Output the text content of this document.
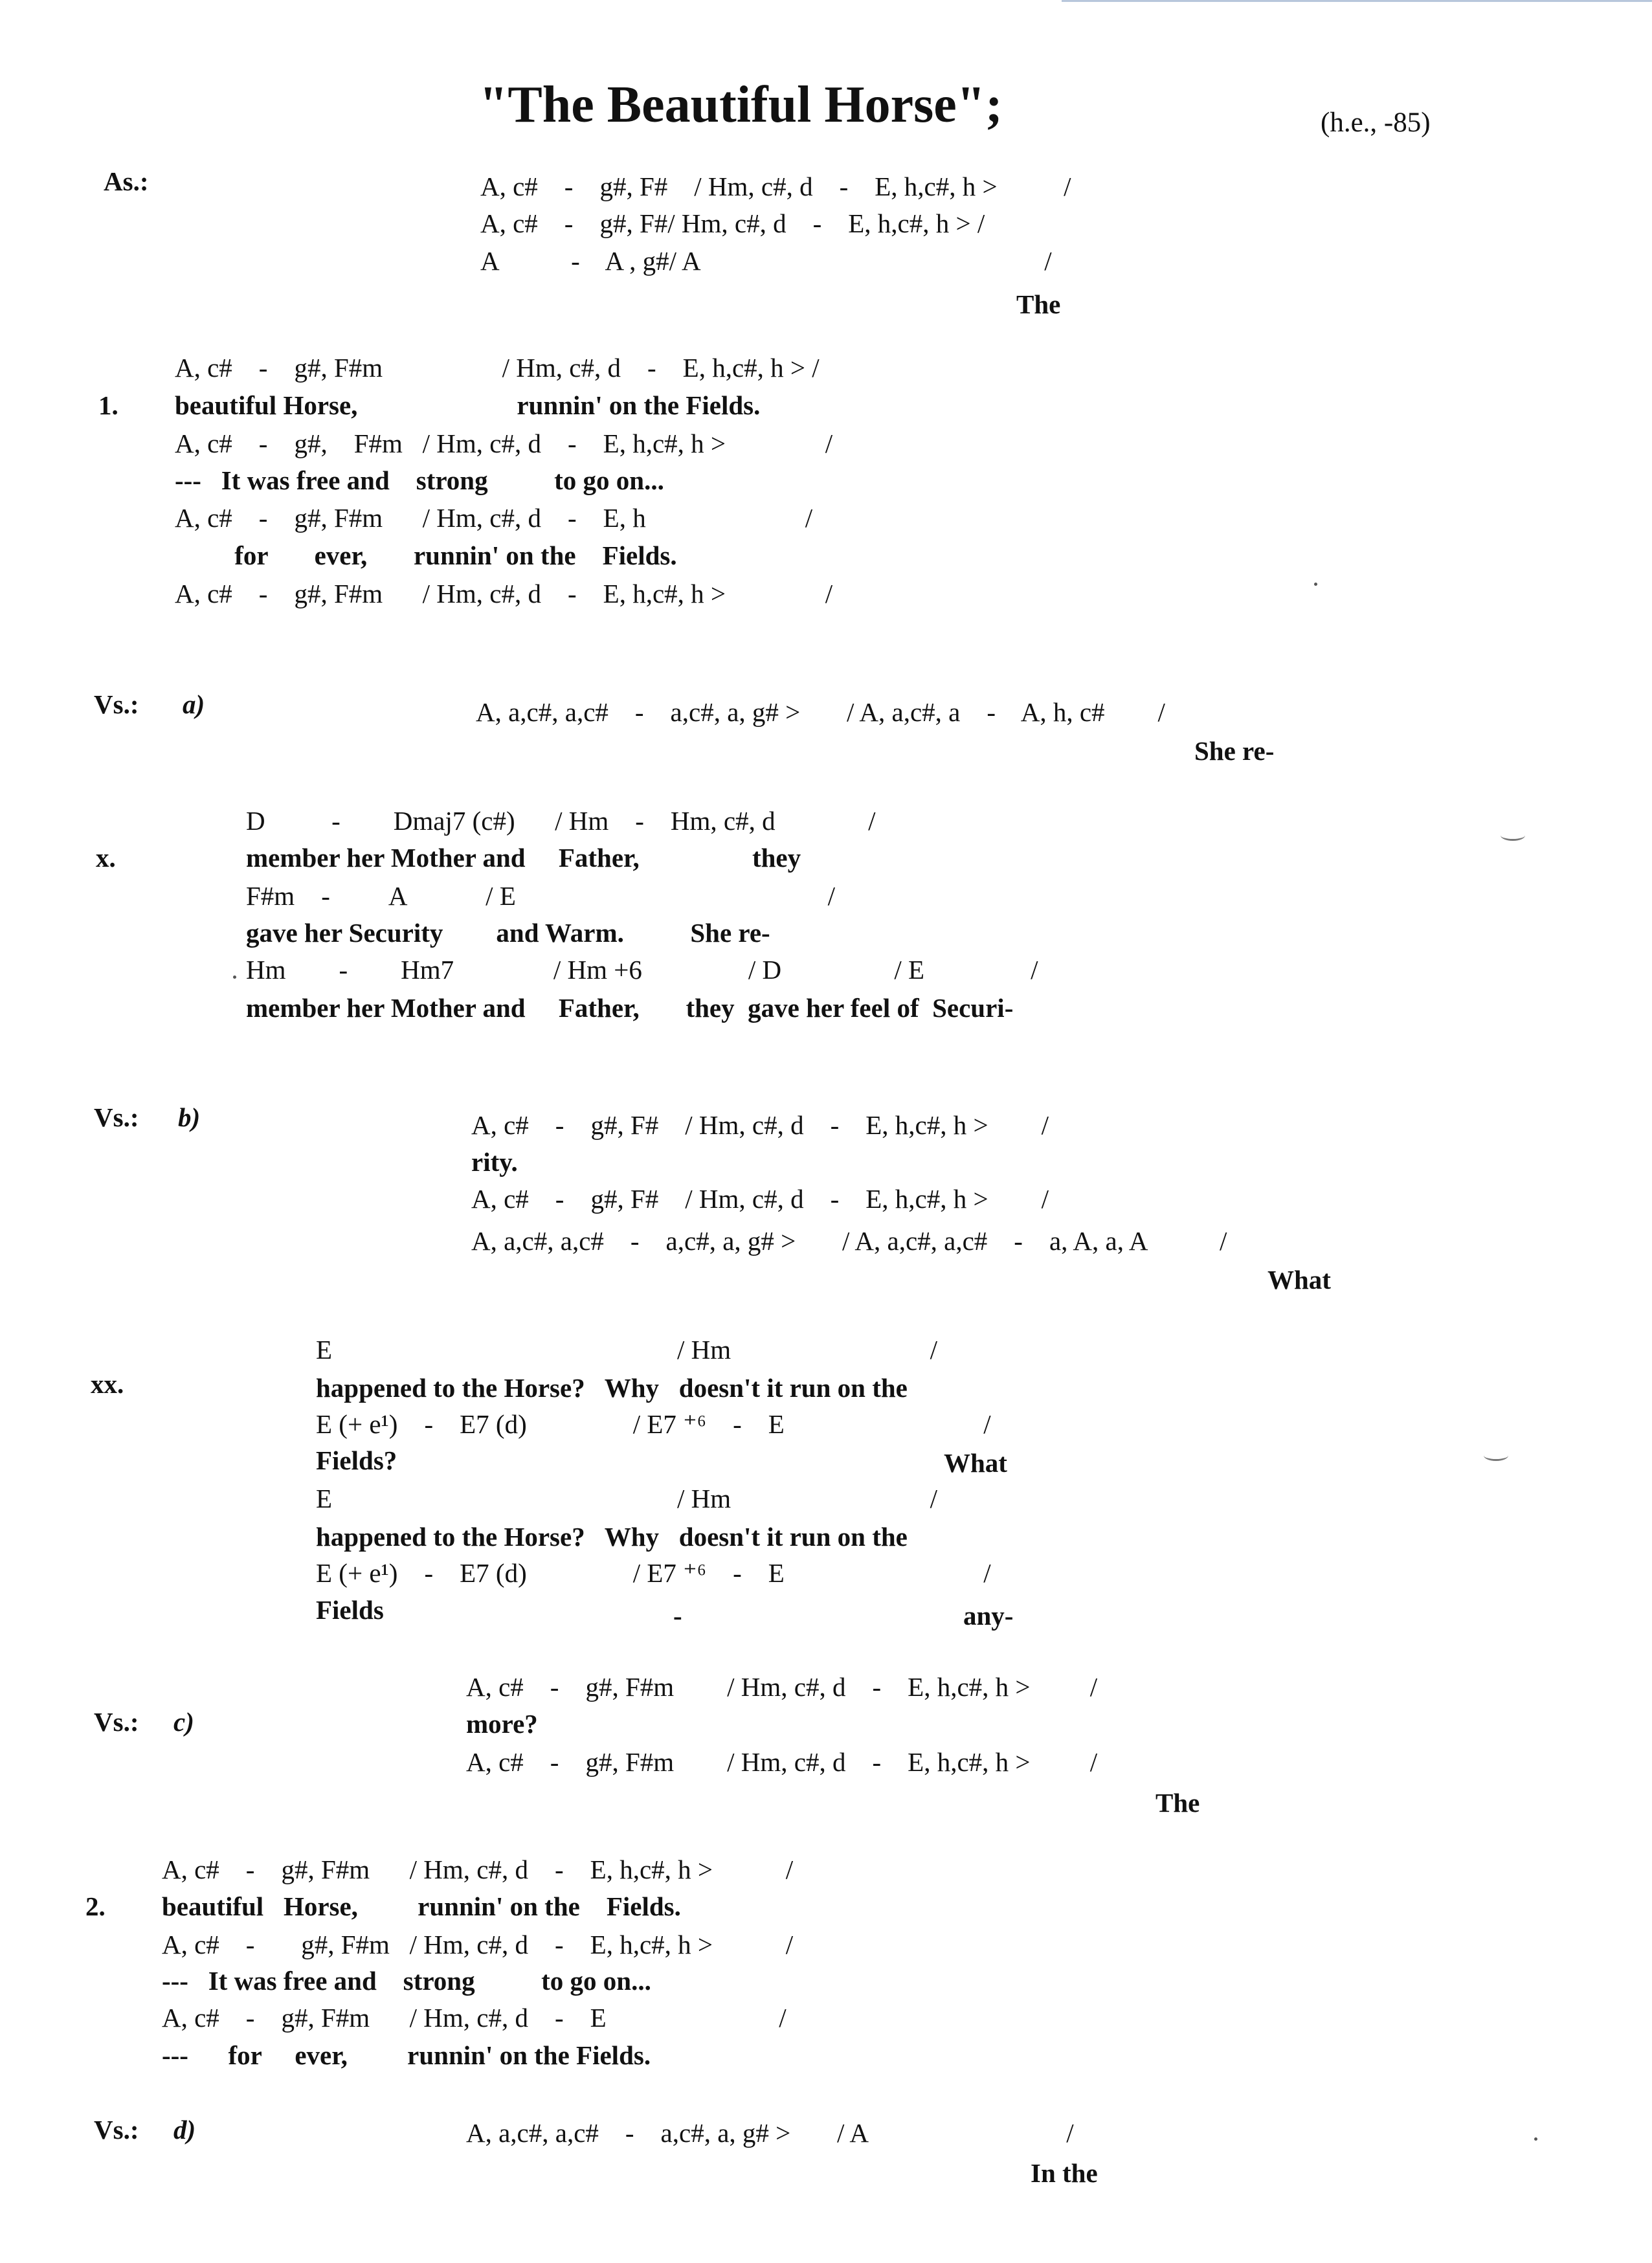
As.:	A, c#    -    g#, F#    / Hm, c#, d    -    E, h,c#, h >          /
A, c#    -    g#, F#/ Hm, c#, d    -    E, h,c#, h > /
A           -    A , g#/ A                                                    /
The
A, c#    -    g#, F#m                  / Hm, c#, d    -    E, h,c#, h > /
1. beautiful Horse,                        runnin' on the Fields.
A, c#    -    g#,    F#m   / Hm, c#, d    -    E, h,c#, h >               /
---   It was free and    strong          to go on...
A, c#    -    g#, F#m      / Hm, c#, d    -    E, h                        /
for       ever,       runnin' on the    Fields.
A, c#    -    g#, F#m      / Hm, c#, d    -    E, h,c#, h >               /
Vs.: a)	A, a,c#, a,c#    -    a,c#, a, g# >       / A, a,c#, a    -    A, h, c#        /
She re-
D          -        Dmaj7 (c#)      / Hm    -    Hm, c#, d              /
x.	member her Mother and     Father,                 they
F#m    -         A            / E                                               /
gave her Security        and Warm.          She re-
Hm        -        Hm7               / Hm +6                / D                 / E                /
member her Mother and     Father,       they  gave her feel of  Securi-
Vs.: b)	A, c#    -    g#, F#    / Hm, c#, d    -    E, h,c#, h >        /
rity.
A, c#    -    g#, F#    / Hm, c#, d    -    E, h,c#, h >        /
A, a,c#, a,c#    -    a,c#, a, g# >       / A, a,c#, a,c#    -    a, A, a, A           /
What
E                                                    / Hm                              /
xx.	happened to the Horse?   Why   doesn't it run on the
E (+ e¹)    -    E7 (d)                / E7 ⁺⁶    -    E                              /
Fields?	What
E                                                    / Hm                              /
happened to the Horse?   Why   doesn't it run on the
E (+ e¹)    -    E7 (d)                / E7 ⁺⁶    -    E                              /
Fields	-	any-
A, c#    -    g#, F#m        / Hm, c#, d    -    E, h,c#, h >         /
Vs.: c)	more?
A, c#    -    g#, F#m        / Hm, c#, d    -    E, h,c#, h >         /
The
A, c#    -    g#, F#m      / Hm, c#, d    -    E, h,c#, h >           /
2. beautiful   Horse,         runnin' on the    Fields.
A, c#    -       g#, F#m   / Hm, c#, d    -    E, h,c#, h >           /
---   It was free and    strong          to go on...
A, c#    -    g#, F#m      / Hm, c#, d    -    E                          /
---      for     ever,         runnin' on the Fields.
Vs.: d)	A, a,c#, a,c#    -    a,c#, a, g# >       / A                              /
In the
"The Beautiful Horse";	(h.e., -85)
